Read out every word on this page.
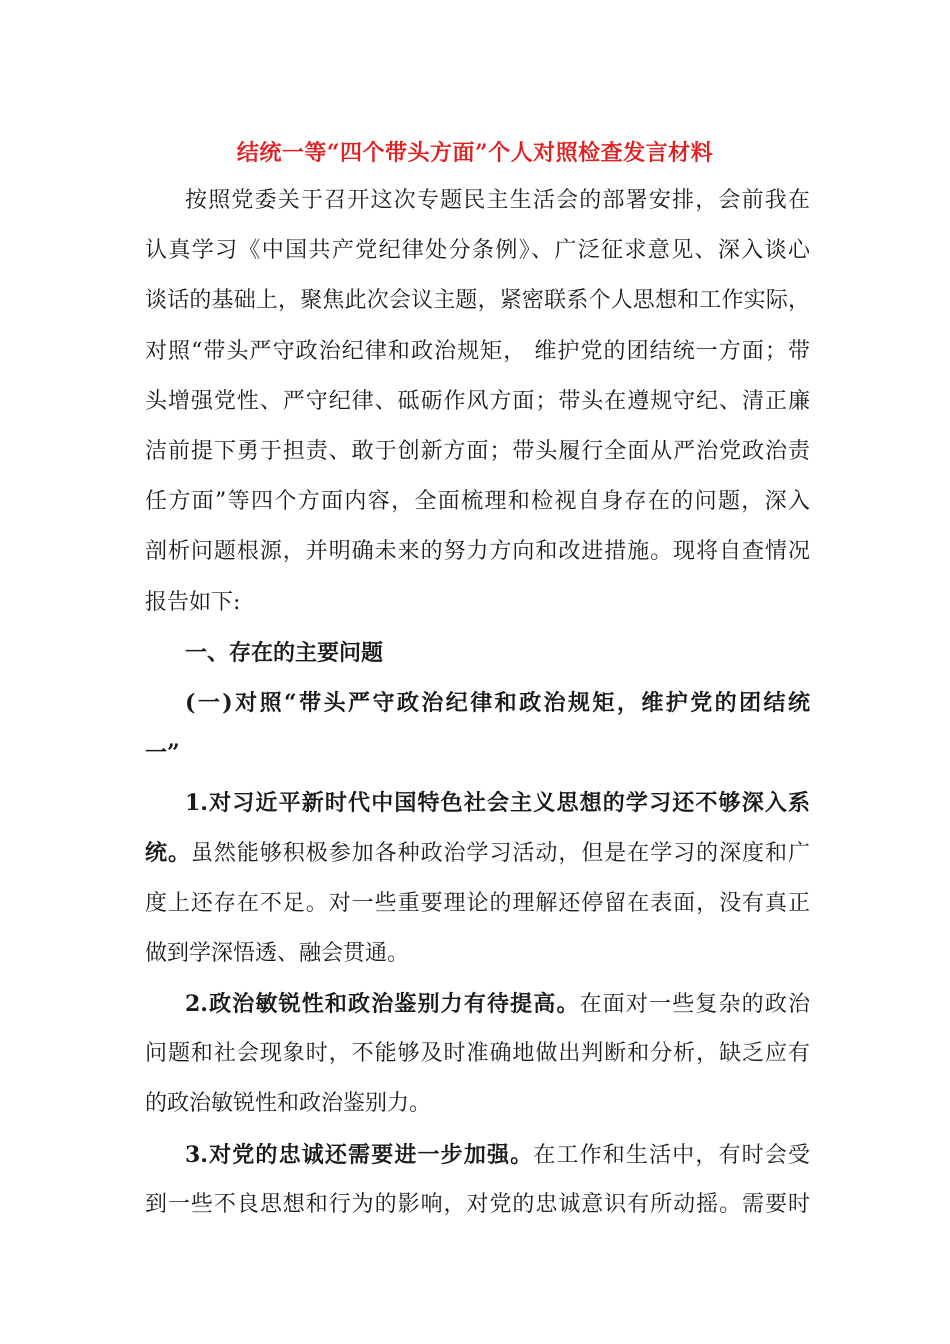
结统一等“四个带头方面”个人对照检查发言材料
按照党委关于召开这次专题民主生活会的部署安排，会前我在
认真学习《中国共产党纪律处分条例》、广泛征求意见、深入谈心
谈话的基础上，聚焦此次会议主题，紧密联系个人思想和工作实际，
对照“带头严守政治纪律和政治规矩， 维护党的团结统一方面；带
头增强党性、严守纪律、砥砺作风方面；带头在遵规守纪、清正廉
洁前提下勇于担责、敢于创新方面；带头履行全面从严治党政治责
任方面”等四个方面内容，全面梳理和检视自身存在的问题，深入
剖析问题根源，并明确未来的努力方向和改进措施。现将自查情况
报告如下:
一、存在的主要问题
(一)对照“带头严守政治纪律和政治规矩，维护党的团结统
一”
1.对习近平新时代中国特色社会主义思想的学习还不够深入系
统。虽然能够积极参加各种政治学习活动，但是在学习的深度和广
度上还存在不足。对一些重要理论的理解还停留在表面，没有真正
做到学深悟透、融会贯通。
2.政治敏锐性和政治鉴别力有待提高。在面对一些复杂的政治
问题和社会现象时，不能够及时准确地做出判断和分析，缺乏应有
的政治敏锐性和政治鉴别力。
3.对党的忠诚还需要进一步加强。在工作和生活中，有时会受
到一些不良思想和行为的影响，对党的忠诚意识有所动摇。需要时
